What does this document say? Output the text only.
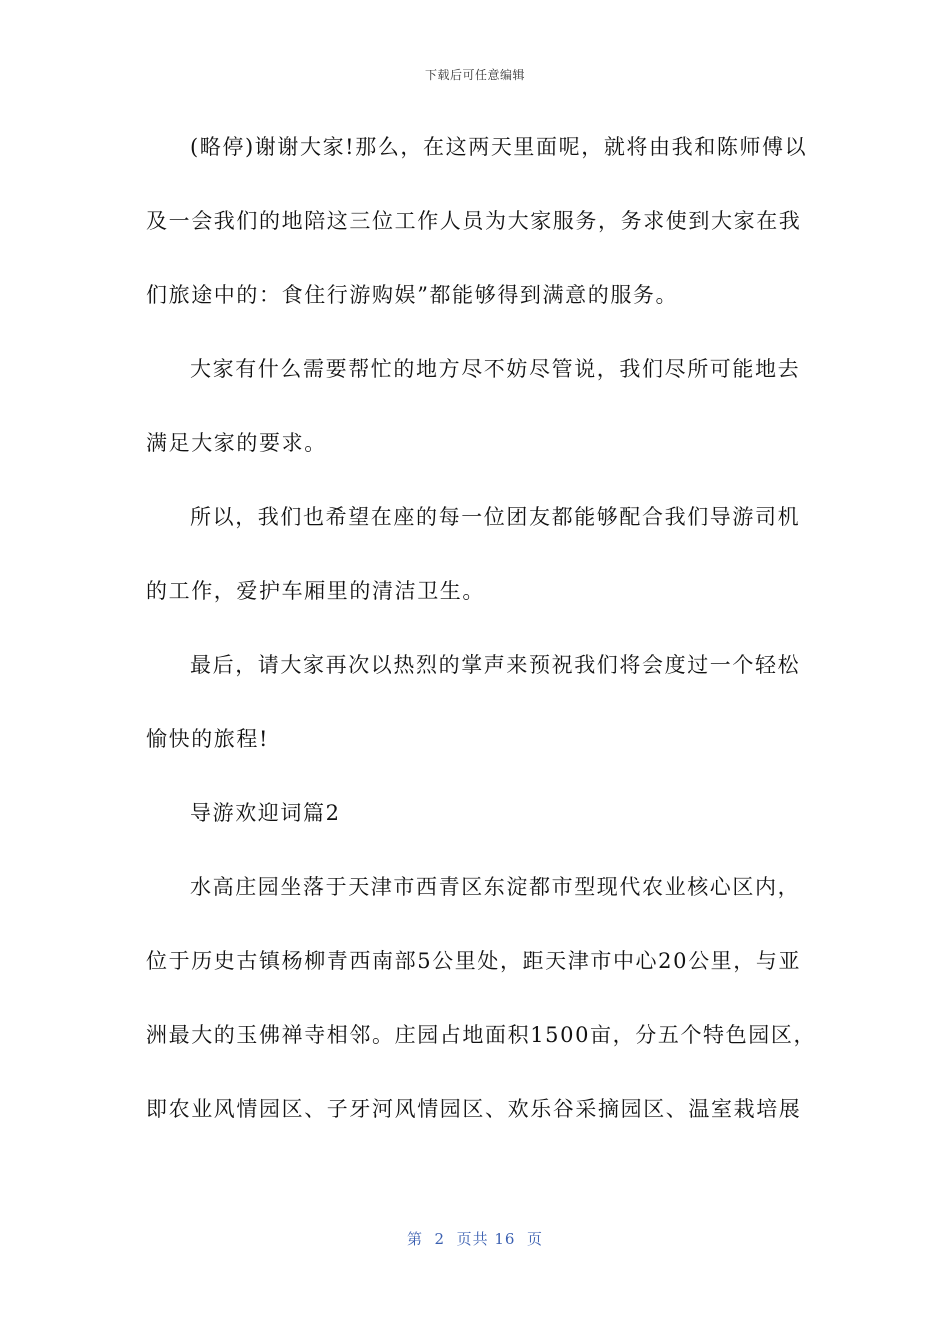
下载后可任意编辑
(略停)谢谢大家!那么，在这两天里面呢，就将由我和陈师傅以
及一会我们的地陪这三位工作人员为大家服务，务求使到大家在我
们旅途中的：食住行游购娱”都能够得到满意的服务。
大家有什么需要帮忙的地方尽不妨尽管说，我们尽所可能地去
满足大家的要求。
所以，我们也希望在座的每一位团友都能够配合我们导游司机
的工作，爱护车厢里的清洁卫生。
最后，请大家再次以热烈的掌声来预祝我们将会度过一个轻松
愉快的旅程!
导游欢迎词篇2
水高庄园坐落于天津市西青区东淀都市型现代农业核心区内，
位于历史古镇杨柳青西南部5公里处，距天津市中心20公里，与亚
洲最大的玉佛禅寺相邻。庄园占地面积1500亩，分五个特色园区，
即农业风情园区、子牙河风情园区、欢乐谷采摘园区、温室栽培展
第  2  页共 16  页
